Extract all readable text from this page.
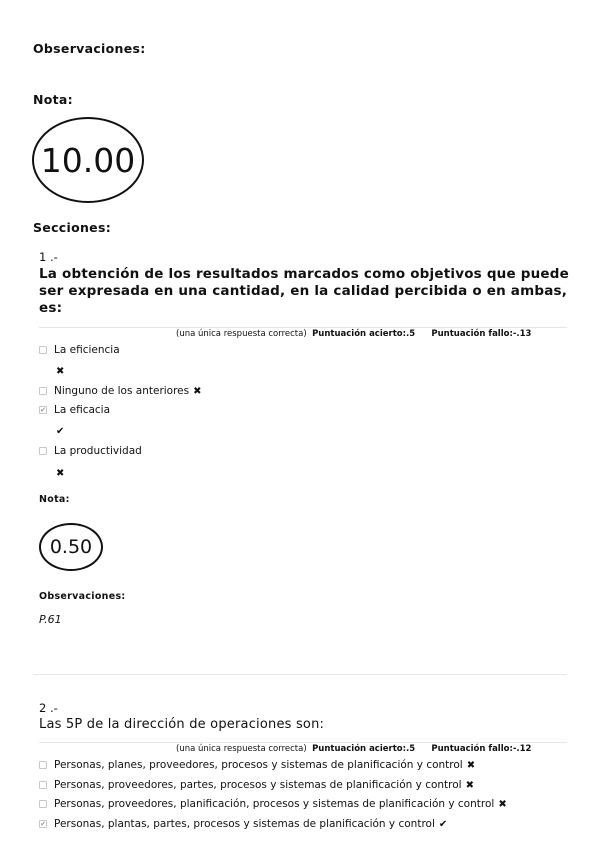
Observaciones:
Nota:
10.00
Secciones:
1 .-
La obtención de los resultados marcados como objetivos que puede
ser expresada en una cantidad, en la calidad percibida o en ambas,
es:
(una única respuesta correcta) Puntuación acierto:.5 Puntuación fallo:-.13
La eficiencia
✖
Ninguno de los anteriores ✖
✔ La eficacia
✔
La productividad
✖
Nota:
0.50
Observaciones:
P.61
2 .-
Las 5P de la dirección de operaciones son:
(una única respuesta correcta) Puntuación acierto:.5 Puntuación fallo:-.12
Personas, planes, proveedores, procesos y sistemas de planificación y control ✖
Personas, proveedores, partes, procesos y sistemas de planificación y control ✖
Personas, proveedores, planificación, procesos y sistemas de planificación y control ✖
✔ Personas, plantas, partes, procesos y sistemas de planificación y control ✔
